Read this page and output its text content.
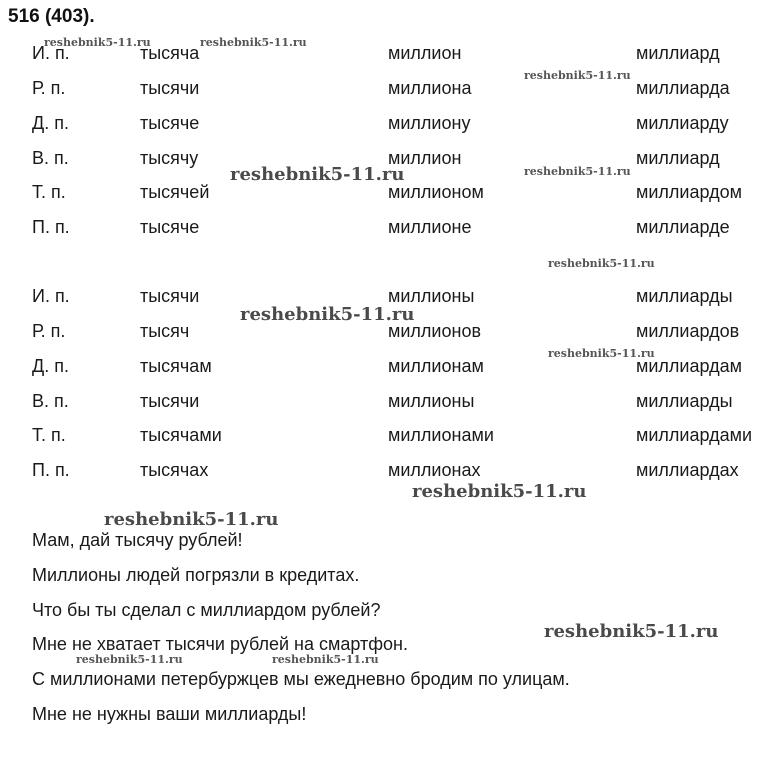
516 (403).
И. п.	тысяча	миллион	миллиард
Р. п.	тысячи	миллиона	миллиарда
Д. п.	тысяче	миллиону	миллиарду
В. п.	тысячу	миллион	миллиард
Т. п.	тысячей	миллионом	миллиардом
П. п.	тысяче	миллионе	миллиарде
И. п.	тысячи	миллионы	миллиарды
Р. п.	тысяч	миллионов	миллиардов
Д. п.	тысячам	миллионам	миллиардам
В. п.	тысячи	миллионы	миллиарды
Т. п.	тысячами	миллионами	миллиардами
П. п.	тысячах	миллионах	миллиардах
Мам, дай тысячу рублей!
Миллионы людей погрязли в кредитах.
Что бы ты сделал с миллиардом рублей?
Мне не хватает тысячи рублей на смартфон.
С миллионами петербуржцев мы ежедневно бродим по улицам.
Мне не нужны ваши миллиарды!
reshebnik5-11.ru	reshebnik5-11.ru
reshebnik5-11.ru
reshebnik5-11.ru
reshebnik5-11.ru
reshebnik5-11.ru
reshebnik5-11.ru
reshebnik5-11.ru
reshebnik5-11.ru
reshebnik5-11.ru
reshebnik5-11.ru
reshebnik5-11.ru	reshebnik5-11.ru
